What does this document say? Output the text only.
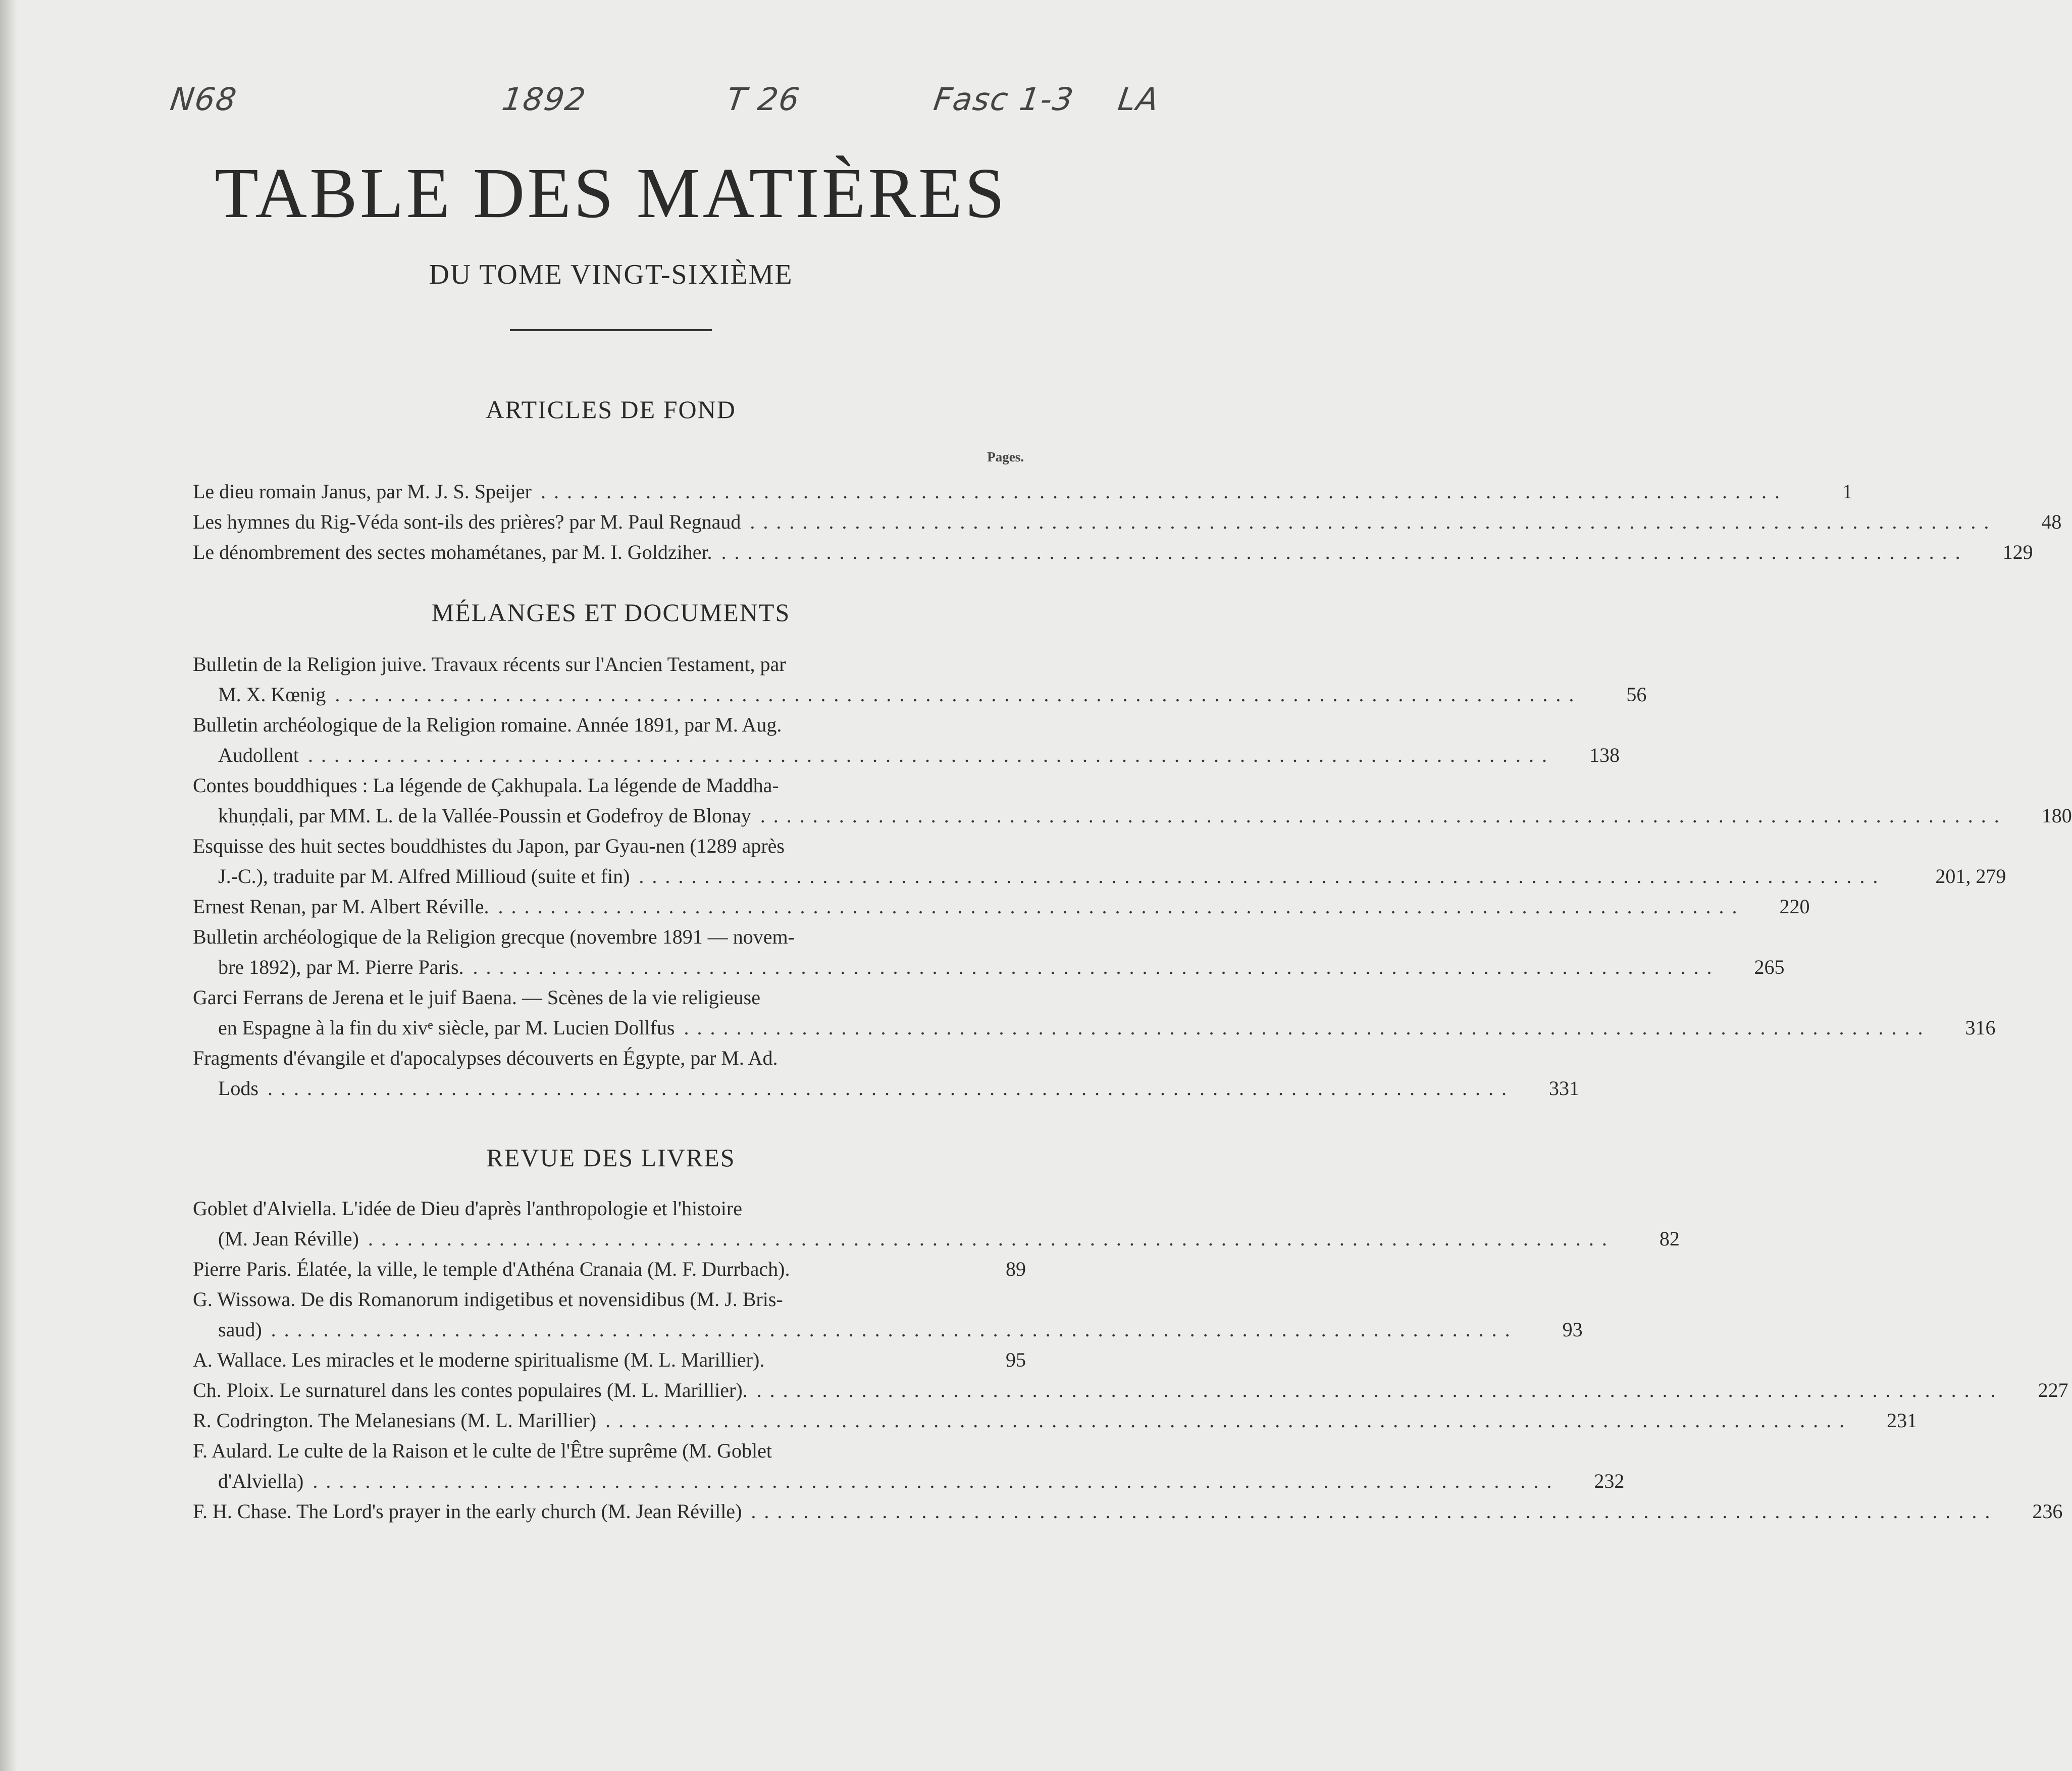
N68	1892	T 26	Fasc 1-3 LA
TABLE DES MATIÈRES
DU TOME VINGT-SIXIÈME
ARTICLES DE FOND
Pages.
Le dieu romain Janus, par M. J. S. Speijer ...............................................................................................	1
Les hymnes du Rig-Véda sont-ils des prières? par M. Paul Regnaud ...............................................................................................	48
Le dénombrement des sectes mohamétanes, par M. I. Goldziher. ...............................................................................................	129
MÉLANGES ET DOCUMENTS
Bulletin de la Religion juive. Travaux récents sur l'Ancien Testament, par
M. X. Kœnig ...............................................................................................	56
Bulletin archéologique de la Religion romaine. Année 1891, par M. Aug.
Audollent ...............................................................................................	138
Contes bouddhiques : La légende de Çakhupala. La légende de Maddha-
khuṇḍali, par MM. L. de la Vallée-Poussin et Godefroy de Blonay ...............................................................................................	180
Esquisse des huit sectes bouddhistes du Japon, par Gyau-nen (1289 après
J.-C.), traduite par M. Alfred Millioud (suite et fin) ...............................................................................................	201, 279
Ernest Renan, par M. Albert Réville. ...............................................................................................	220
Bulletin archéologique de la Religion grecque (novembre 1891 — novem-
bre 1892), par M. Pierre Paris. ...............................................................................................	265
Garci Ferrans de Jerena et le juif Baena. — Scènes de la vie religieuse
en Espagne à la fin du xivᵉ siècle, par M. Lucien Dollfus ...............................................................................................	316
Fragments d'évangile et d'apocalypses découverts en Égypte, par M. Ad.
Lods ...............................................................................................	331
REVUE DES LIVRES
Goblet d'Alviella. L'idée de Dieu d'après l'anthropologie et l'histoire
(M. Jean Réville) ...............................................................................................	82
Pierre Paris. Élatée, la ville, le temple d'Athéna Cranaia (M. F. Durrbach).	89
G. Wissowa. De dis Romanorum indigetibus et novensidibus (M. J. Bris-
saud) ...............................................................................................	93
A. Wallace. Les miracles et le moderne spiritualisme (M. L. Marillier).	95
Ch. Ploix. Le surnaturel dans les contes populaires (M. L. Marillier). ...............................................................................................	227
R. Codrington. The Melanesians (M. L. Marillier) ...............................................................................................	231
F. Aulard. Le culte de la Raison et le culte de l'Être suprême (M. Goblet
d'Alviella) ...............................................................................................	232
F. H. Chase. The Lord's prayer in the early church (M. Jean Réville) ...............................................................................................	236
